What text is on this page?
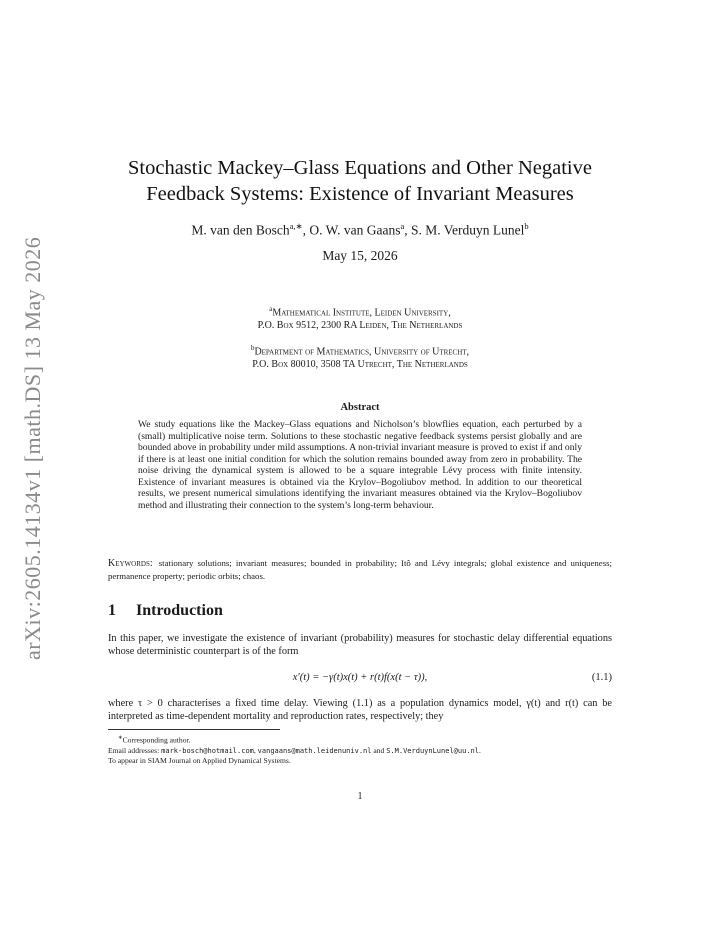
arXiv:2605.14134v1 [math.DS] 13 May 2026
Stochastic Mackey–Glass Equations and Other Negative
Feedback Systems: Existence of Invariant Measures
M. van den Bosch$^{a,∗}$, O. W. van Gaans$^a$, S. M. Verduyn Lunel$^b$
May 15, 2026
$^a$Mathematical Institute, Leiden University,
P.O. Box 9512, 2300 RA Leiden, The Netherlands
$^b$Department of Mathematics, University of Utrecht,
P.O. Box 80010, 3508 TA Utrecht, The Netherlands
Abstract

We study equations like the Mackey–Glass equations and Nicholson’s blowflies equation, each perturbed by a (small) multiplicative noise term. Solutions to these stochastic negative feedback systems persist globally and are bounded above in probability under mild assumptions. A non-trivial invariant measure is proved to exist if and only if there is at least one initial condition for which the solution remains bounded away from zero in probability. The noise driving the dynamical system is allowed to be a square integrable Lévy process with finite intensity. Existence of invariant measures is obtained via the Krylov–Bogoliubov method. In addition to our theoretical results, we present numerical simulations identifying the invariant measures obtained via the Krylov–Bogoliubov method and illustrating their connection to the system’s long-term behaviour.

Keywords: stationary solutions; invariant measures; bounded in probability; Itô and Lévy integrals; global existence and uniqueness; permanence property; periodic orbits; chaos.

1 Introduction

In this paper, we investigate the existence of invariant (probability) measures for stochastic delay differential equations whose deterministic counterpart is of the form

x′(t) = −γ(t)x(t) + r(t)f(x(t − τ)),	(1.1)

where τ > 0 characterises a fixed time delay. Viewing (1.1) as a population dynamics model, γ(t) and r(t) can be interpreted as time-dependent mortality and reproduction rates, respectively; they

∗Corresponding author.
Email addresses: mark-bosch@hotmail.com, vangaans@math.leidenuniv.nl and S.M.VerduynLunel@uu.nl.
To appear in SIAM Journal on Applied Dynamical Systems.
1
